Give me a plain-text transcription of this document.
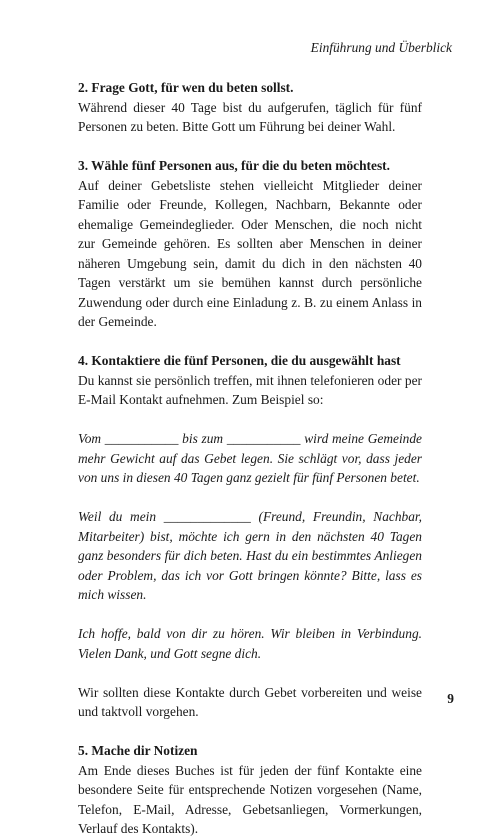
Einführung und Überblick
2. Frage Gott, für wen du beten sollst.

Während dieser 40 Tage bist du aufgerufen, täglich für fünf Personen zu beten. Bitte Gott um Führung bei deiner Wahl.

3. Wähle fünf Personen aus, für die du beten möchtest.

Auf deiner Gebetsliste stehen vielleicht Mitglieder deiner Familie oder Freunde, Kollegen, Nachbarn, Bekannte oder ehemalige Gemeindeglieder. Oder Menschen, die noch nicht zur Gemeinde gehören. Es sollten aber Menschen in deiner näheren Umgebung sein, damit du dich in den nächsten 40 Tagen verstärkt um sie bemühen kannst durch persönliche Zuwendung oder durch eine Einladung z. B. zu einem Anlass in der Gemeinde.

4. Kontaktiere die fünf Personen, die du ausgewählt hast

Du kannst sie persönlich treffen, mit ihnen telefonieren oder per E-Mail Kontakt aufnehmen. Zum Beispiel so:

Vom ___________ bis zum ___________ wird meine Gemeinde mehr Gewicht auf das Gebet legen. Sie schlägt vor, dass jeder von uns in diesen 40 Tagen ganz gezielt für fünf Personen betet.

Weil du mein _____________ (Freund, Freundin, Nachbar, Mitarbeiter) bist, möchte ich gern in den nächsten 40 Tagen ganz besonders für dich beten. Hast du ein bestimmtes Anliegen oder Problem, das ich vor Gott bringen könnte? Bitte, lass es mich wissen.

Ich hoffe, bald von dir zu hören. Wir bleiben in Verbindung. Vielen Dank, und Gott segne dich.

Wir sollten diese Kontakte durch Gebet vorbereiten und weise und taktvoll vorgehen.

5. Mache dir Notizen

Am Ende dieses Buches ist für jeden der fünf Kontakte eine besondere Seite für entsprechende Notizen vorgesehen (Name, Telefon, E-Mail, Adresse, Gebetsanliegen, Vormerkungen, Verlauf des Kontakts).

9
